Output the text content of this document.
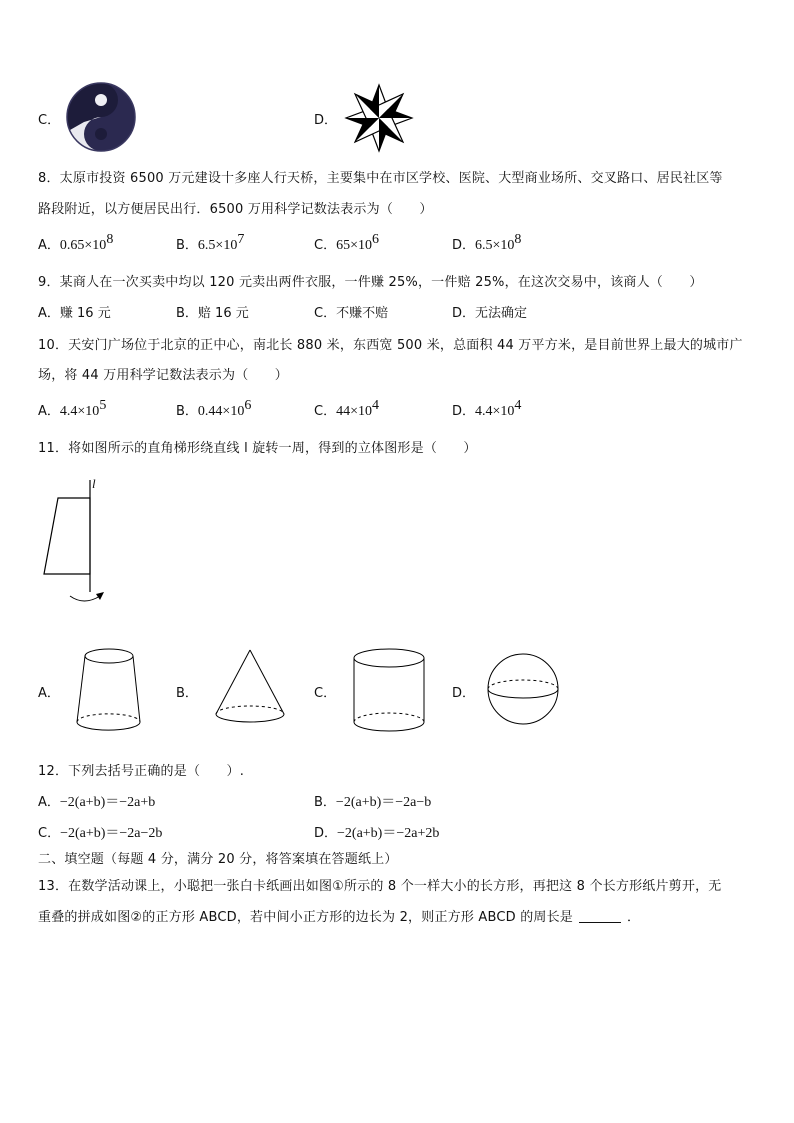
C．	D．
8．太原市投资 6500 万元建设十多座人行天桥，主要集中在市区学校、医院、大型商业场所、交叉路口、居民社区等
路段附近，以方便居民出行．6500 万用科学记数法表示为（　　）
A．$0.65\times 10^8$	B．$6.5\times 10^7$	C．$65\times 10^6$	D．$6.5\times 10^8$
9．某商人在一次买卖中均以 120 元卖出两件衣服，一件赚 25%，一件赔 25%，在这次交易中，该商人（　　）
A．赚 16 元	B．赔 16 元	C．不赚不赔	D．无法确定
10．天安门广场位于北京的正中心，南北长 880 米，东西宽 500 米，总面积 44 万平方米，是目前世界上最大的城市广
场，将 44 万用科学记数法表示为（　　）
A．$4.4\times 10^5$	B．$0.44\times 10^6$	C．$44\times 10^4$	D．$4.4\times 10^4$
11．将如图所示的直角梯形绕直线 l 旋转一周，得到的立体图形是（　　）
l
A．	B．	C．	D．
12．下列去括号正确的是（　　）.
A．−2(a+b)＝−2a+b	B．−2(a+b)＝−2a−b
C．−2(a+b)＝−2a−2b	D．−2(a+b)＝−2a+2b
二、填空题（每题 4 分，满分 20 分，将答案填在答题纸上）
13．在数学活动课上，小聪把一张白卡纸画出如图①所示的 8 个一样大小的长方形，再把这 8 个长方形纸片剪开，无
重叠的拼成如图②的正方形 ABCD，若中间小正方形的边长为 2，则正方形 ABCD 的周长是	．
